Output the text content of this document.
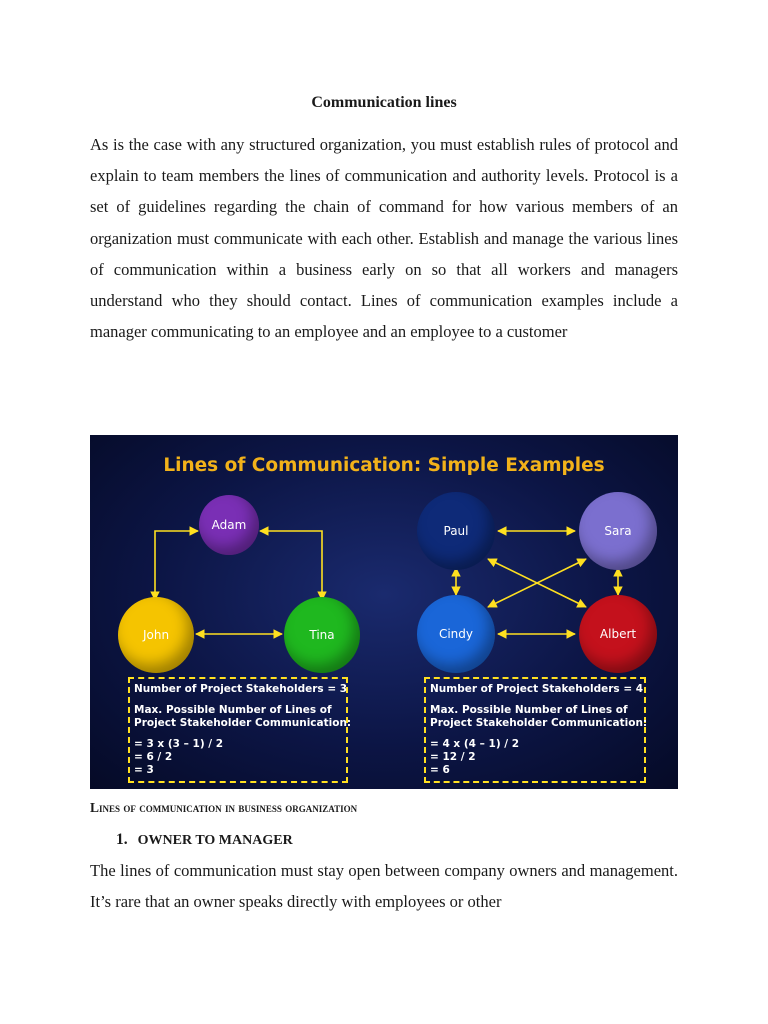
Communication lines

As is the case with any structured organization, you must establish rules of protocol and explain to team members the lines of communication and authority levels. Protocol is a set of guidelines regarding the chain of command for how various members of an organization must communicate with each other. Establish and manage the various lines of communication within a business early on so that all workers and managers understand who they should contact. Lines of communication examples include a manager communicating to an employee and an employee to a customer

Lines of Communication: Simple Examples
Adam
John	Tina
Paul	Sara
Cindy	Albert
Number of Project Stakeholders = 3
Max. Possible Number of Lines of
Project Stakeholder Communication:
= 3 x (3 – 1) / 2
= 6 / 2
= 3
Number of Project Stakeholders = 4
Max. Possible Number of Lines of
Project Stakeholder Communication:
= 4 x (4 – 1) / 2
= 12 / 2
= 6
Lines of communication in business organization
1. OWNER TO MANAGER

The lines of communication must stay open between company owners and management. It’s rare that an owner speaks directly with employees or other
